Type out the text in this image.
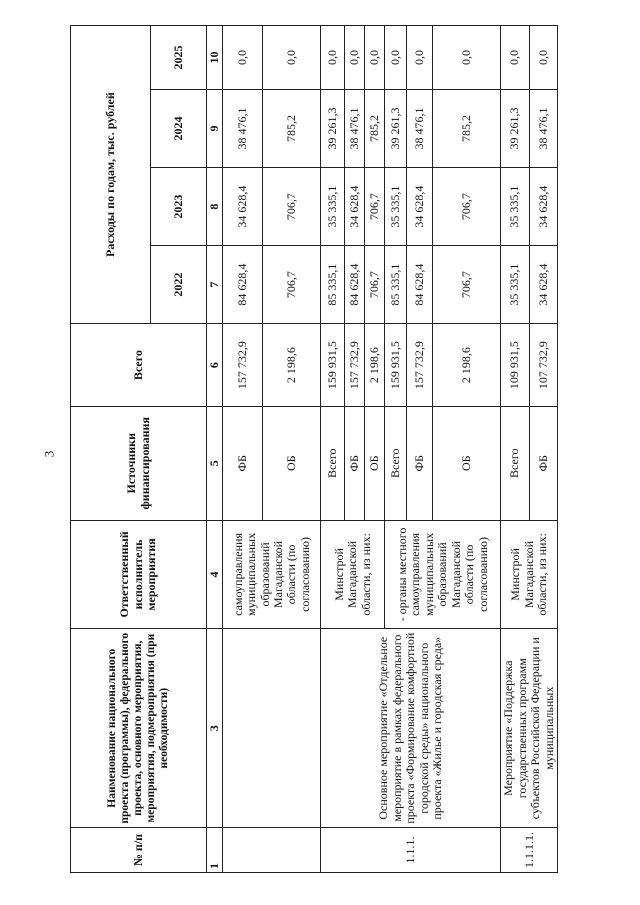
3
№ п/п	Наименование национального проекта (программы), федерального проекта, основного мероприятия, мероприятия, подмероприятия (при необходимости)	Ответственный исполнитель мероприятия	Источники финансирования	Всего	Расходы по годам, тыс. рублей			
					2022	2023	2024	2025
1	3	4	5	6	7	8	9	10
		самоуправления муниципальных образований Магаданской области (по согласованию)	ФБ	157 732,9	84 628,4	34 628,4	38 476,1	0,0
			ОБ	2 198,6	706,7	706,7	785,2	0,0
1.1.1.	Основное мероприятие «Отдельное мероприятие в рамках федерального проекта «Формирование комфортной городской среды» национального проекта «Жилье и городская среда»	Минстрой Магаданской области, из них:	Всего	159 931,5	85 335,1	35 335,1	39 261,3	0,0
			ФБ	157 732,9	84 628,4	34 628,4	38 476,1	0,0
			ОБ	2 198,6	706,7	706,7	785,2	0,0
		- органы местного самоуправления муниципальных образований Магаданской области (по согласованию)	Всего	159 931,5	85 335,1	35 335,1	39 261,3	0,0
			ФБ	157 732,9	84 628,4	34 628,4	38 476,1	0,0
			ОБ	2 198,6	706,7	706,7	785,2	0,0
1.1.1.1.	Мероприятие «Поддержка государственных программ субъектов Российской Федерации и муниципальных	Минстрой Магаданской области, из них:	Всего	109 931,5	35 335,1	35 335,1	39 261,3	0,0
			ФБ	107 732,9	34 628,4	34 628,4	38 476,1	0,0
